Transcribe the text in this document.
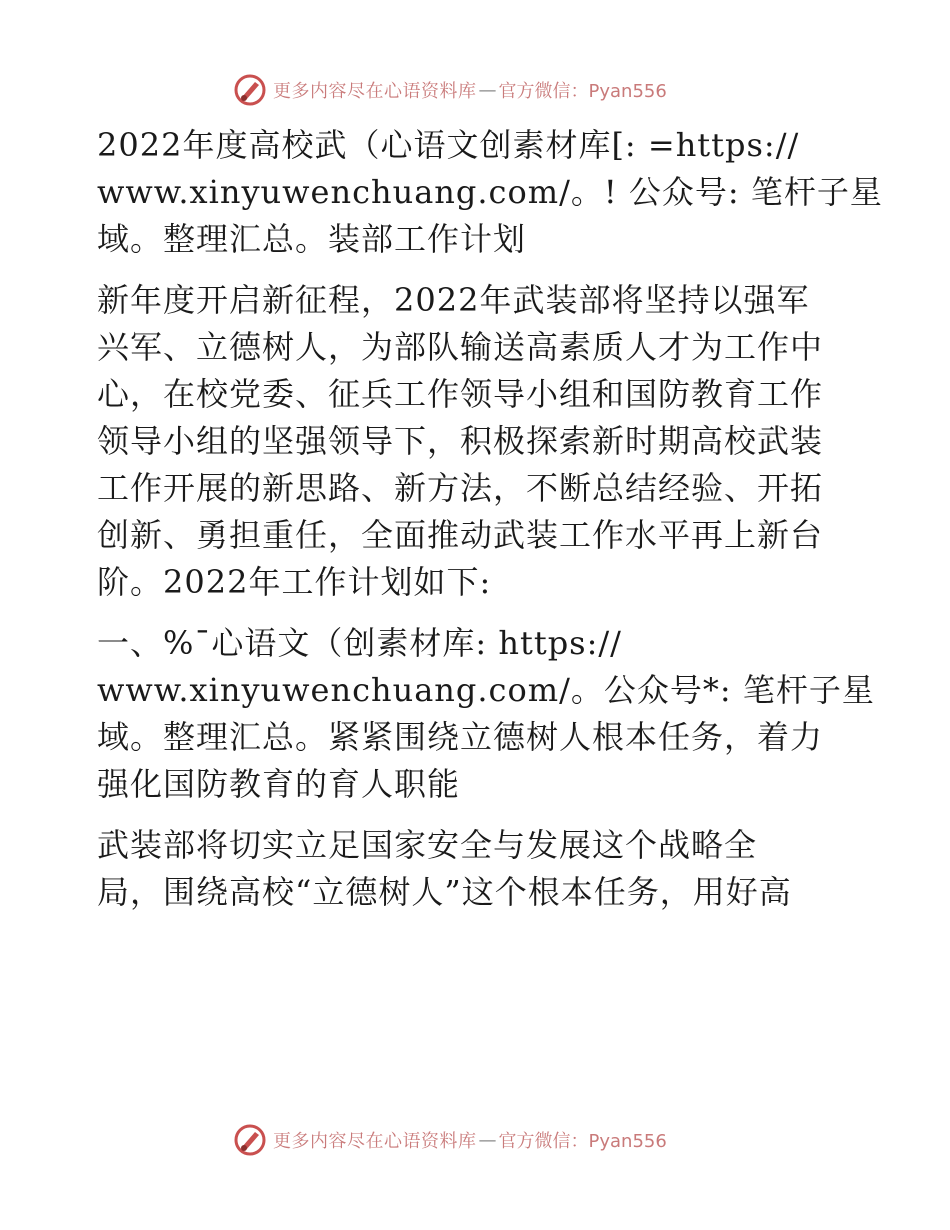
更多内容尽在心语资料库 — 官方微信：Pyan556
2022年度高校武（心语文创素材库[: =https://
www.xinyuwenchuang.com/。! 公众号: 笔杆子星
域。整理汇总。装部工作计划
新年度开启新征程，2022年武装部将坚持以强军
兴军、立德树人，为部队输送高素质人才为工作中
心，在校党委、征兵工作领导小组和国防教育工作
领导小组的坚强领导下，积极探索新时期高校武装
工作开展的新思路、新方法，不断总结经验、开拓
创新、勇担重任，全面推动武装工作水平再上新台
阶。2022年工作计划如下:
一、%¯心语文（创素材库: https://
www.xinyuwenchuang.com/。公众号*: 笔杆子星
域。整理汇总。紧紧围绕立德树人根本任务，着力
强化国防教育的育人职能
武装部将切实立足国家安全与发展这个战略全
局，围绕高校“立德树人”这个根本任务，用好高
更多内容尽在心语资料库 — 官方微信：Pyan556
